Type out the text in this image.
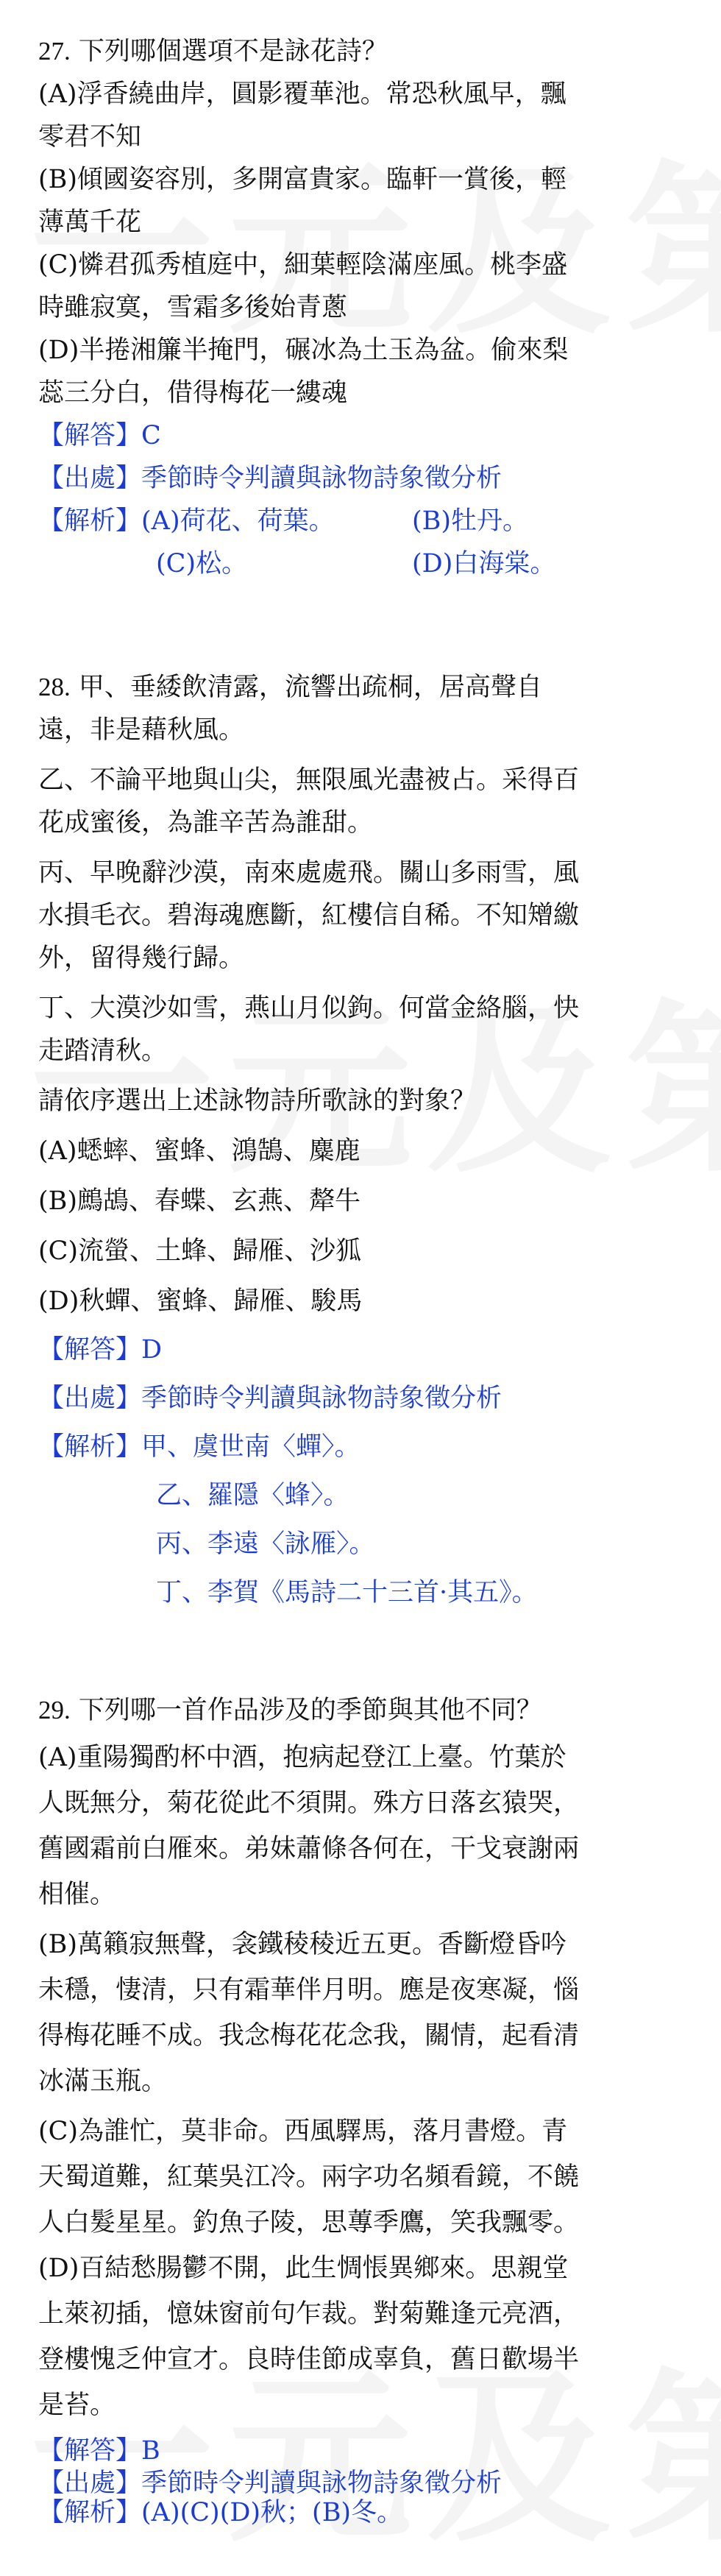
27. 下列哪個選項不是詠花詩？
(A)浮香繞曲岸，圓影覆華池。常恐秋風早，飄
零君不知
(B)傾國姿容別，多開富貴家。臨軒一賞後，輕
薄萬千花
(C)憐君孤秀植庭中，細葉輕陰滿座風。桃李盛
時雖寂寞，雪霜多後始青蔥
(D)半捲湘簾半掩門，碾冰為土玉為盆。偷來梨
蕊三分白，借得梅花一縷魂
【解答】C
【出處】季節時令判讀與詠物詩象徵分析
【解析】(A)荷花、荷葉。	(B)牡丹。
(C)松。	(D)白海棠。
28. 甲、垂緌飲清露，流響出疏桐，居高聲自
遠，非是藉秋風。
乙、不論平地與山尖，無限風光盡被占。采得百
花成蜜後，為誰辛苦為誰甜。
丙、早晚辭沙漠，南來處處飛。關山多雨雪，風
水損毛衣。碧海魂應斷，紅樓信自稀。不知矰繳
外，留得幾行歸。
丁、大漠沙如雪，燕山月似鉤。何當金絡腦，快
走踏清秋。
請依序選出上述詠物詩所歌詠的對象？
(A)蟋蟀、蜜蜂、鴻鵠、麋鹿
(B)鷓鴣、春蝶、玄燕、犛牛
(C)流螢、土蜂、歸雁、沙狐
(D)秋蟬、蜜蜂、歸雁、駿馬
【解答】D
【出處】季節時令判讀與詠物詩象徵分析
【解析】甲、虞世南〈蟬〉。
乙、羅隱〈蜂〉。
丙、李遠〈詠雁〉。
丁、李賀《馬詩二十三首·其五》。
29. 下列哪一首作品涉及的季節與其他不同？
(A)重陽獨酌杯中酒，抱病起登江上臺。竹葉於
人既無分，菊花從此不須開。殊方日落玄猿哭，
舊國霜前白雁來。弟妹蕭條各何在，干戈衰謝兩
相催。
(B)萬籟寂無聲，衾鐵稜稜近五更。香斷燈昏吟
未穩，悽清，只有霜華伴月明。應是夜寒凝，惱
得梅花睡不成。我念梅花花念我，關情，起看清
冰滿玉瓶。
(C)為誰忙，莫非命。西風驛馬，落月書燈。青
天蜀道難，紅葉吳江冷。兩字功名頻看鏡，不饒
人白髮星星。釣魚子陵，思蓴季鷹，笑我飄零。
(D)百結愁腸鬱不開，此生惆悵異鄉來。思親堂
上萊初插，憶妹窗前句乍裁。對菊難逢元亮酒，
登樓愧乏仲宣才。良時佳節成辜負，舊日歡場半
是苔。
【解答】B
【出處】季節時令判讀與詠物詩象徵分析
【解析】(A)(C)(D)秋；(B)冬。
